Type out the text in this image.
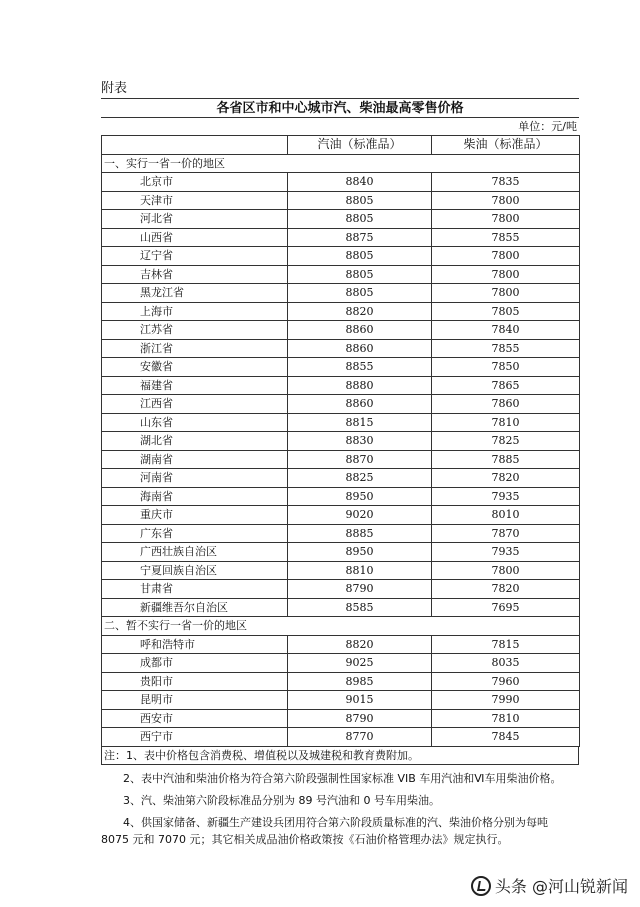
附表
各省区市和中心城市汽、柴油最高零售价格
单位：元/吨
	汽油（标准品）	柴油（标准品）
一、实行一省一价的地区		
北京市	8840	7835
天津市	8805	7800
河北省	8805	7800
山西省	8875	7855
辽宁省	8805	7800
吉林省	8805	7800
黑龙江省	8805	7800
上海市	8820	7805
江苏省	8860	7840
浙江省	8860	7855
安徽省	8855	7850
福建省	8880	7865
江西省	8860	7860
山东省	8815	7810
湖北省	8830	7825
湖南省	8870	7885
河南省	8825	7820
海南省	8950	7935
重庆市	9020	8010
广东省	8885	7870
广西壮族自治区	8950	7935
宁夏回族自治区	8810	7800
甘肃省	8790	7820
新疆维吾尔自治区	8585	7695
二、暂不实行一省一价的地区		
呼和浩特市	8820	7815
成都市	9025	8035
贵阳市	8985	7960
昆明市	9015	7990
西安市	8790	7810
西宁市	8770	7845
注：1、表中价格包含消费税、增值税以及城建税和教育费附加。

2、表中汽油和柴油价格为符合第六阶段强制性国家标准 VIB 车用汽油和Ⅵ车用柴油价格。

3、汽、柴油第六阶段标准品分别为 89 号汽油和 0 号车用柴油。

4、供国家储备、新疆生产建设兵团用符合第六阶段质量标准的汽、柴油价格分别为每吨 8075 元和 7070 元；其它相关成品油价格政策按《石油价格管理办法》规定执行。

头条 @河山锐新闻
